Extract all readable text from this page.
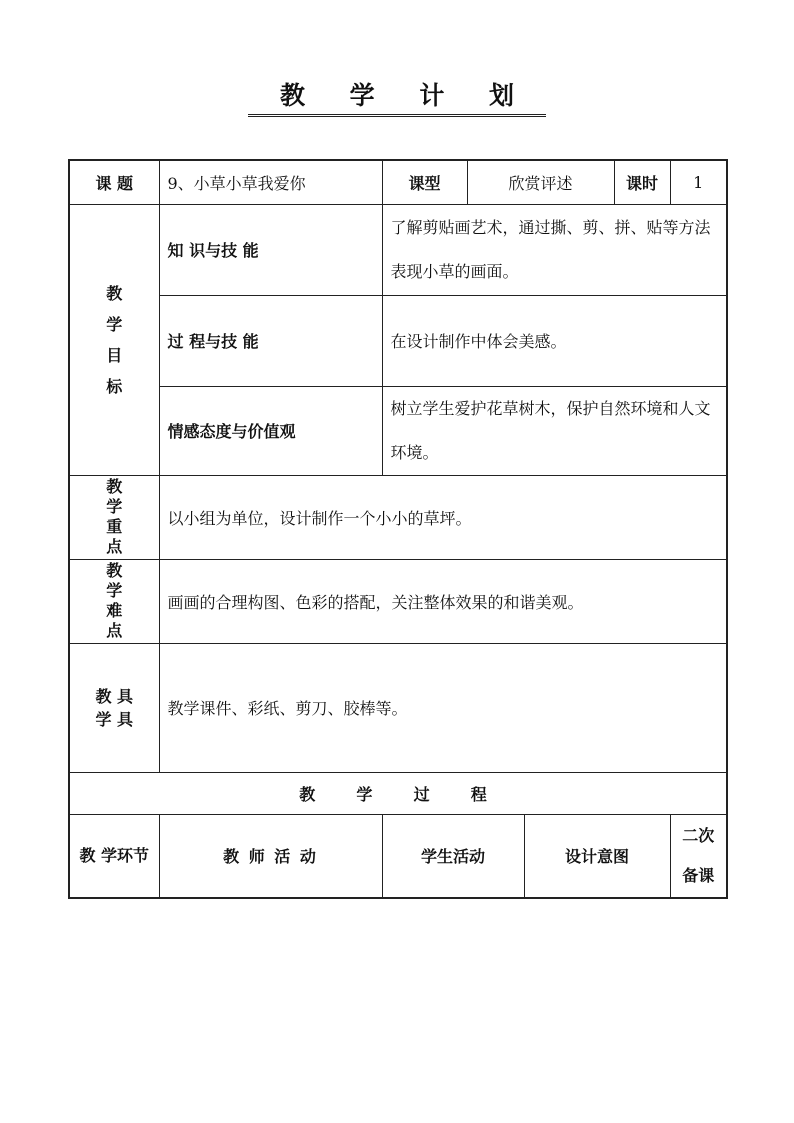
教 学 计 划
课 题	9、小草小草我爱你	课型	欣赏评述		课时	1

教
学
目
标	知 识与技 能	了解剪贴画艺术，通过撕、剪、拼、贴等方法表现小草的画面。				
	过 程与技 能	在设计制作中体会美感。				
	情感态度与价值观	树立学生爱护花草树木，保护自然环境和人文环境。				

教
学
重
点	以小组为单位，设计制作一个小小的草坪。					

教
学
难
点	画画的合理构图、色彩的搭配，关注整体效果的和谐美观。					

教 具
学 具	教学课件、彩纸、剪刀、胶棒等。					
教  学  过  程						
教 学环节	教 师 活 动	学生活动		设计意图		二次备课
